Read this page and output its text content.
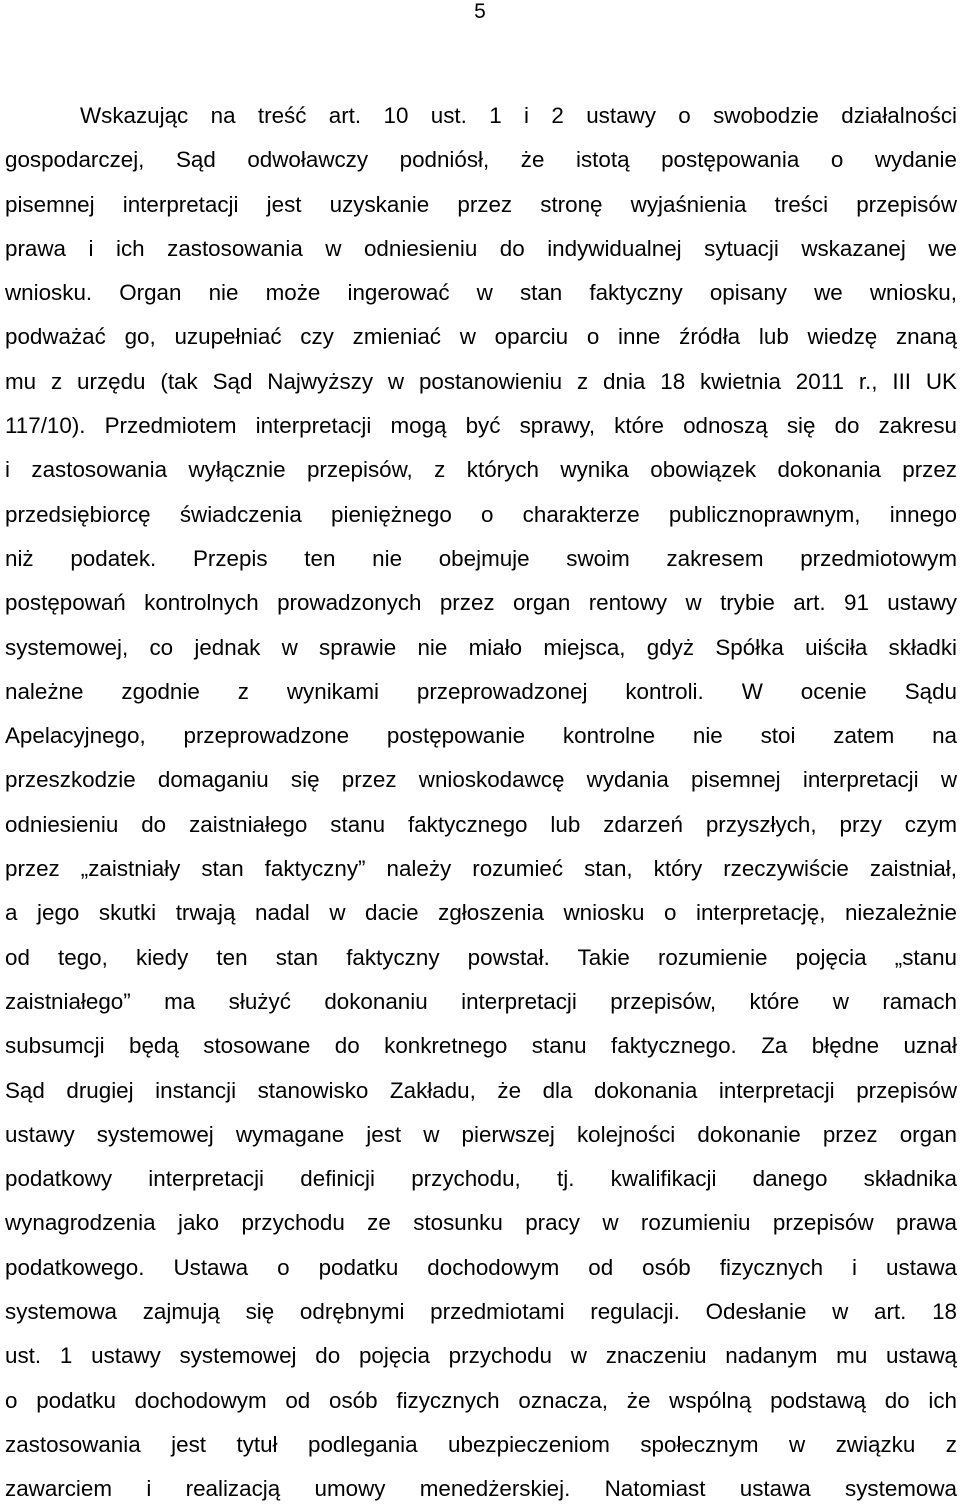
5
Wskazując na treść art. 10 ust. 1 i 2 ustawy o swobodzie działalności
gospodarczej, Sąd odwoławczy podniósł, że istotą postępowania o wydanie
pisemnej interpretacji jest uzyskanie przez stronę wyjaśnienia treści przepisów
prawa i ich zastosowania w odniesieniu do indywidualnej sytuacji wskazanej we
wniosku. Organ nie może ingerować w stan faktyczny opisany we wniosku,
podważać go, uzupełniać czy zmieniać w oparciu o inne źródła lub wiedzę znaną
mu z urzędu (tak Sąd Najwyższy w postanowieniu z dnia 18 kwietnia 2011 r., III UK
117/10). Przedmiotem interpretacji mogą być sprawy, które odnoszą się do zakresu
i zastosowania wyłącznie przepisów, z których wynika obowiązek dokonania przez
przedsiębiorcę świadczenia pieniężnego o charakterze publicznoprawnym, innego
niż podatek. Przepis ten nie obejmuje swoim zakresem przedmiotowym
postępowań kontrolnych prowadzonych przez organ rentowy w trybie art. 91 ustawy
systemowej, co jednak w sprawie nie miało miejsca, gdyż Spółka uiściła składki
należne zgodnie z wynikami przeprowadzonej kontroli. W ocenie Sądu
Apelacyjnego, przeprowadzone postępowanie kontrolne nie stoi zatem na
przeszkodzie domaganiu się przez wnioskodawcę wydania pisemnej interpretacji w
odniesieniu do zaistniałego stanu faktycznego lub zdarzeń przyszłych, przy czym
przez „zaistniały stan faktyczny” należy rozumieć stan, który rzeczywiście zaistniał,
a jego skutki trwają nadal w dacie zgłoszenia wniosku o interpretację, niezależnie
od tego, kiedy ten stan faktyczny powstał. Takie rozumienie pojęcia „stanu
zaistniałego” ma służyć dokonaniu interpretacji przepisów, które w ramach
subsumcji będą stosowane do konkretnego stanu faktycznego. Za błędne uznał
Sąd drugiej instancji stanowisko Zakładu, że dla dokonania interpretacji przepisów
ustawy systemowej wymagane jest w pierwszej kolejności dokonanie przez organ
podatkowy interpretacji definicji przychodu, tj. kwalifikacji danego składnika
wynagrodzenia jako przychodu ze stosunku pracy w rozumieniu przepisów prawa
podatkowego. Ustawa o podatku dochodowym od osób fizycznych i ustawa
systemowa zajmują się odrębnymi przedmiotami regulacji. Odesłanie w art. 18
ust. 1 ustawy systemowej do pojęcia przychodu w znaczeniu nadanym mu ustawą
o podatku dochodowym od osób fizycznych oznacza, że wspólną podstawą do ich
zastosowania jest tytuł podlegania ubezpieczeniom społecznym w związku z
zawarciem i realizacją umowy menedżerskiej. Natomiast ustawa systemowa
